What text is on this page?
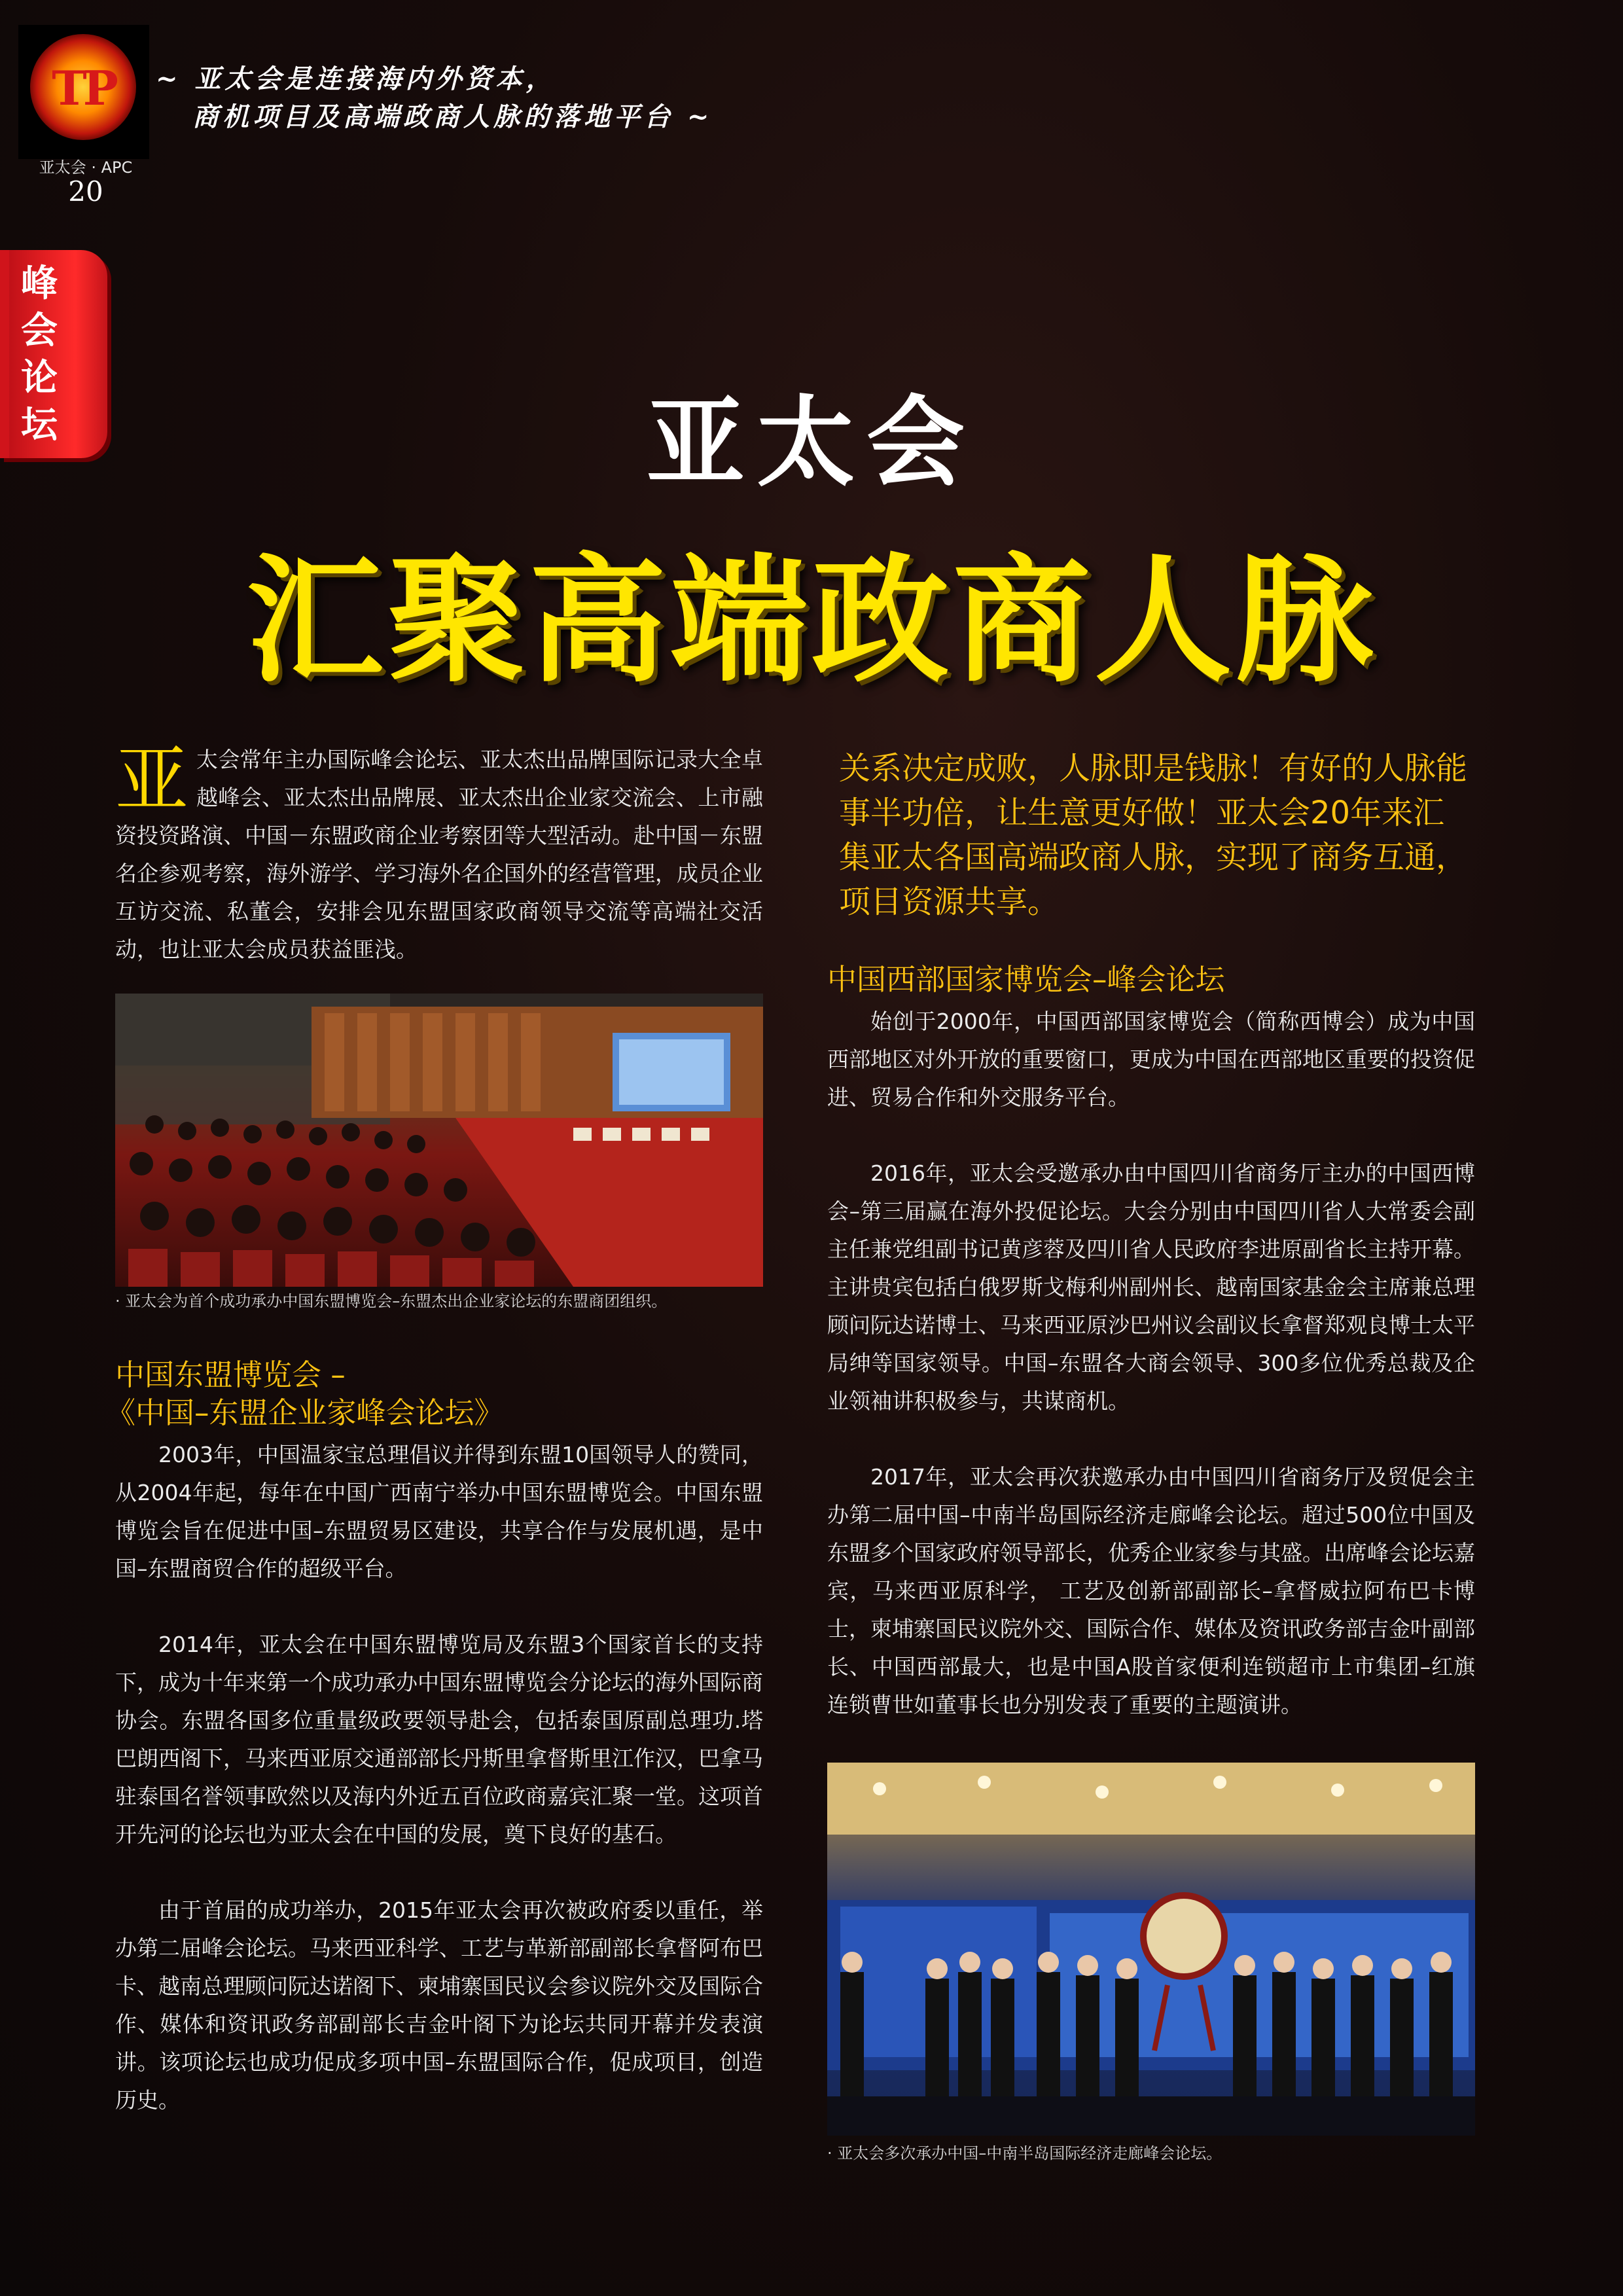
TP
亚太会 · APC
20
~ 亚太会是连接海内外资本，
商机项目及高端政商人脉的落地平台 ~
峰会论坛	亚太会
汇聚高端政商人脉
亚 太会常年主办国际峰会论坛、亚太杰出品牌国际记录大全卓越峰会、亚太杰出品牌展、亚太杰出企业家交流会、上市融资投资路演、中国－东盟政商企业考察团等大型活动。赴中国－东盟名企参观考察，海外游学、学习海外名企国外的经营管理，成员企业互访交流、私董会，安排会见东盟国家政商领导交流等高端社交活动，也让亚太会成员获益匪浅。
关系决定成败，人脉即是钱脉！有好的人脉能事半功倍，让生意更好做！亚太会20年来汇集亚太各国高端政商人脉，实现了商务互通，项目资源共享。
· 亚太会为首个成功承办中国东盟博览会–东盟杰出企业家论坛的东盟商团组织。
中国东盟博览会 –
《中国–东盟企业家峰会论坛》
2003年，中国温家宝总理倡议并得到东盟10国领导人的赞同，从2004年起，每年在中国广西南宁举办中国东盟博览会。中国东盟博览会旨在促进中国–东盟贸易区建设，共享合作与发展机遇，是中国–东盟商贸合作的超级平台。
2014年，亚太会在中国东盟博览局及东盟3个国家首长的支持下，成为十年来第一个成功承办中国东盟博览会分论坛的海外国际商协会。东盟各国多位重量级政要领导赴会，包括泰国原副总理功.塔巴朗西阁下，马来西亚原交通部部长丹斯里拿督斯里江作汉，巴拿马驻泰国名誉领事欧然以及海内外近五百位政商嘉宾汇聚一堂。这项首开先河的论坛也为亚太会在中国的发展，奠下良好的基石。
由于首届的成功举办，2015年亚太会再次被政府委以重任，举办第二届峰会论坛。马来西亚科学、工艺与革新部副部长拿督阿布巴卡、越南总理顾问阮达诺阁下、柬埔寨国民议会参议院外交及国际合作、媒体和资讯政务部副部长吉金叶阁下为论坛共同开幕并发表演讲。该项论坛也成功促成多项中国–东盟国际合作，促成项目，创造历史。
中国西部国家博览会–峰会论坛
始创于2000年，中国西部国家博览会（简称西博会）成为中国西部地区对外开放的重要窗口，更成为中国在西部地区重要的投资促进、贸易合作和外交服务平台。
2016年，亚太会受邀承办由中国四川省商务厅主办的中国西博会–第三届赢在海外投促论坛。大会分别由中国四川省人大常委会副主任兼党组副书记黄彦蓉及四川省人民政府李进原副省长主持开幕。主讲贵宾包括白俄罗斯戈梅利州副州长、越南国家基金会主席兼总理顾问阮达诺博士、马来西亚原沙巴州议会副议长拿督郑观良博士太平局绅等国家领导。中国–东盟各大商会领导、300多位优秀总裁及企业领袖讲积极参与，共谋商机。
2017年，亚太会再次获邀承办由中国四川省商务厅及贸促会主办第二届中国–中南半岛国际经济走廊峰会论坛。超过500位中国及东盟多个国家政府领导部长，优秀企业家参与其盛。出席峰会论坛嘉宾，马来西亚原科学， 工艺及创新部副部长–拿督威拉阿布巴卡博士，柬埔寨国民议院外交、国际合作、媒体及资讯政务部吉金叶副部长、中国西部最大，也是中国A股首家便利连锁超市上市集团–红旗连锁曹世如董事长也分别发表了重要的主题演讲。
· 亚太会多次承办中国–中南半岛国际经济走廊峰会论坛。
